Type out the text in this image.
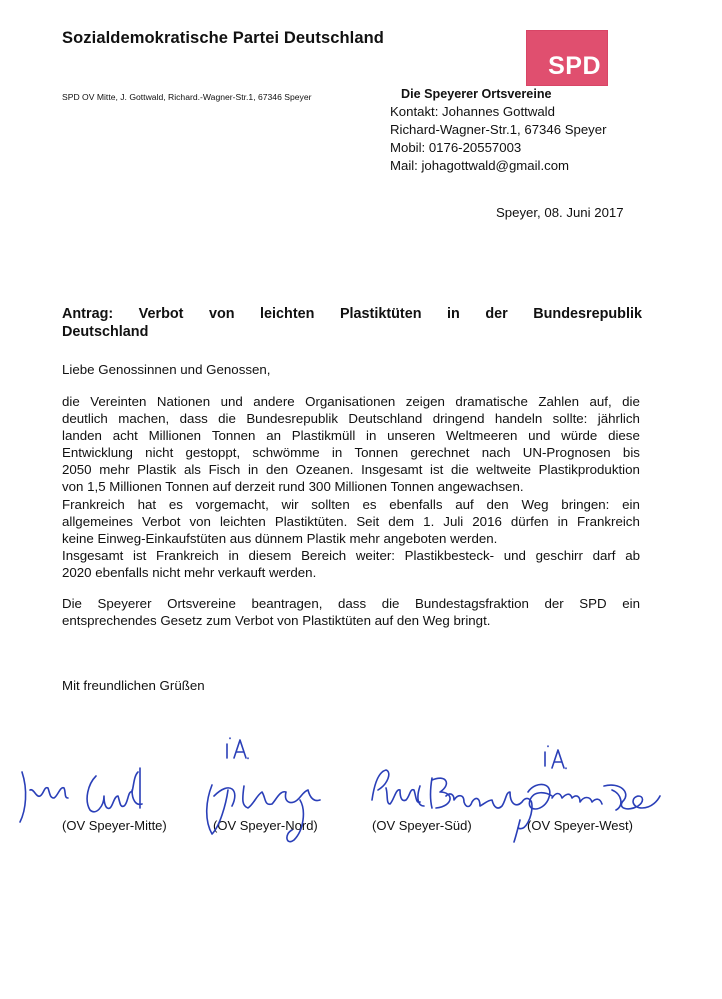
Sozialdemokratische Partei Deutschland
SPD
SPD OV Mitte, J. Gottwald, Richard.-Wagner-Str.1, 67346 Speyer	Die Speyerer Ortsvereine
Kontakt: Johannes Gottwald
Richard-Wagner-Str.1, 67346 Speyer
Mobil: 0176-20557003
Mail: johagottwald@gmail.com
Speyer, 08. Juni 2017
Antrag: Verbot von leichten Plastiktüten in der Bundesrepublik
Deutschland
Liebe Genossinnen und Genossen,
die Vereinten Nationen und andere Organisationen zeigen dramatische Zahlen auf, die
deutlich machen, dass die Bundesrepublik Deutschland dringend handeln sollte: jährlich
landen acht Millionen Tonnen an Plastikmüll in unseren Weltmeeren und würde diese
Entwicklung nicht gestoppt, schwömme in Tonnen gerechnet nach UN-Prognosen bis
2050 mehr Plastik als Fisch in den Ozeanen. Insgesamt ist die weltweite Plastikproduktion
von 1,5 Millionen Tonnen auf derzeit rund 300 Millionen Tonnen angewachsen.
Frankreich hat es vorgemacht, wir sollten es ebenfalls auf den Weg bringen: ein
allgemeines Verbot von leichten Plastiktüten. Seit dem 1. Juli 2016 dürfen in Frankreich
keine Einweg-Einkaufstüten aus dünnem Plastik mehr angeboten werden.
Insgesamt ist Frankreich in diesem Bereich weiter: Plastikbesteck- und geschirr darf ab
2020 ebenfalls nicht mehr verkauft werden.
Die Speyerer Ortsvereine beantragen, dass die Bundestagsfraktion der SPD ein
entsprechendes Gesetz zum Verbot von Plastiktüten auf den Weg bringt.
Mit freundlichen Grüßen
(OV Speyer-Mitte)	(OV Speyer-Nord)	(OV Speyer-Süd)	(OV Speyer-West)
